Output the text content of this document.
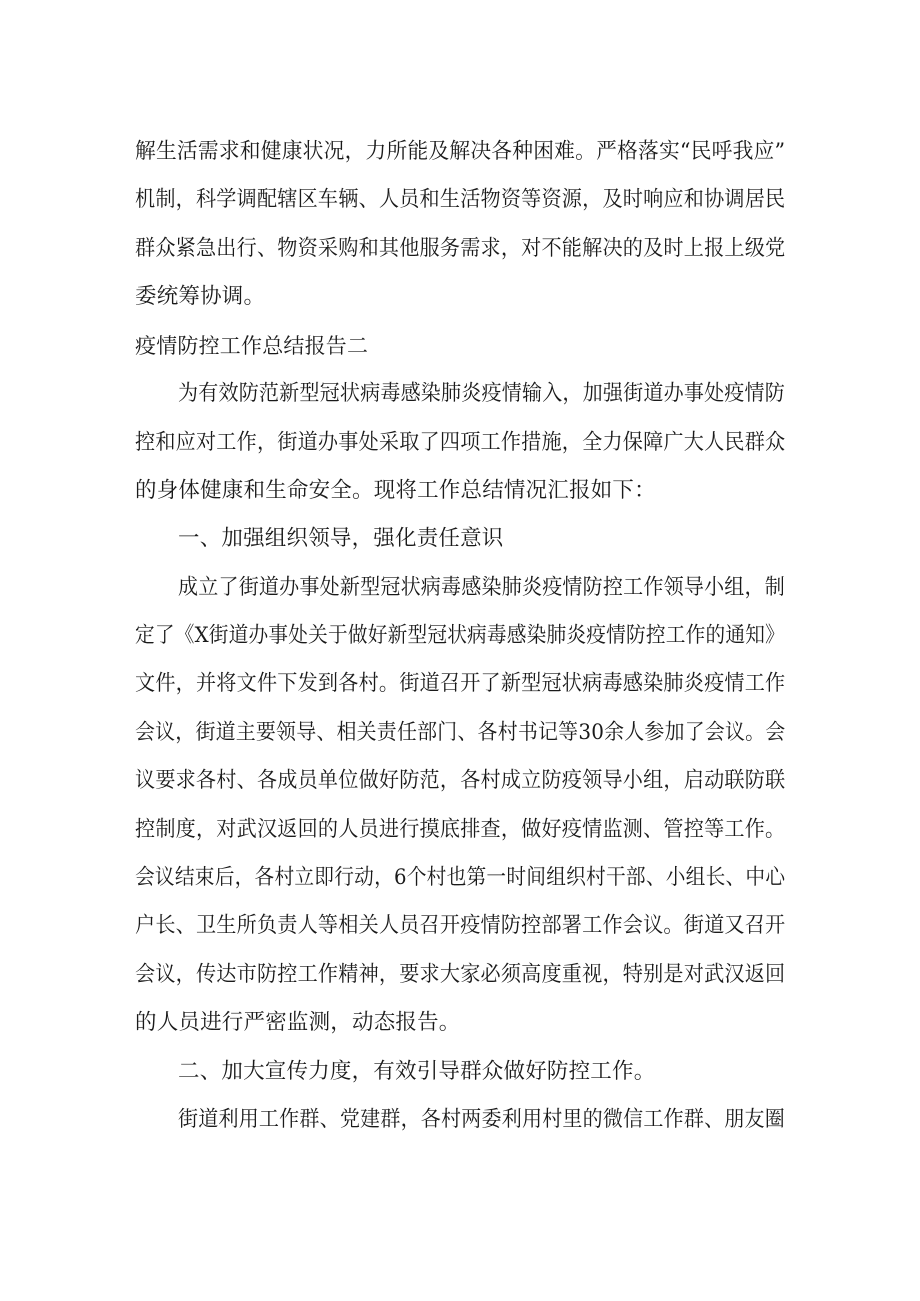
解生活需求和健康状况，力所能及解决各种困难。严格落实“民呼我应”
机制，科学调配辖区车辆、人员和生活物资等资源，及时响应和协调居民
群众紧急出行、物资采购和其他服务需求，对不能解决的及时上报上级党
委统筹协调。
疫情防控工作总结报告二
为有效防范新型冠状病毒感染肺炎疫情输入，加强街道办事处疫情防
控和应对工作，街道办事处采取了四项工作措施，全力保障广大人民群众
的身体健康和生命安全。现将工作总结情况汇报如下：
一、加强组织领导，强化责任意识
成立了街道办事处新型冠状病毒感染肺炎疫情防控工作领导小组，制
定了《X街道办事处关于做好新型冠状病毒感染肺炎疫情防控工作的通知》
文件，并将文件下发到各村。街道召开了新型冠状病毒感染肺炎疫情工作
会议，街道主要领导、相关责任部门、各村书记等30余人参加了会议。会
议要求各村、各成员单位做好防范，各村成立防疫领导小组，启动联防联
控制度，对武汉返回的人员进行摸底排查，做好疫情监测、管控等工作。
会议结束后，各村立即行动，6个村也第一时间组织村干部、小组长、中心
户长、卫生所负责人等相关人员召开疫情防控部署工作会议。街道又召开
会议，传达市防控工作精神，要求大家必须高度重视，特别是对武汉返回
的人员进行严密监测，动态报告。
二、加大宣传力度，有效引导群众做好防控工作。
街道利用工作群、党建群，各村两委利用村里的微信工作群、朋友圈
